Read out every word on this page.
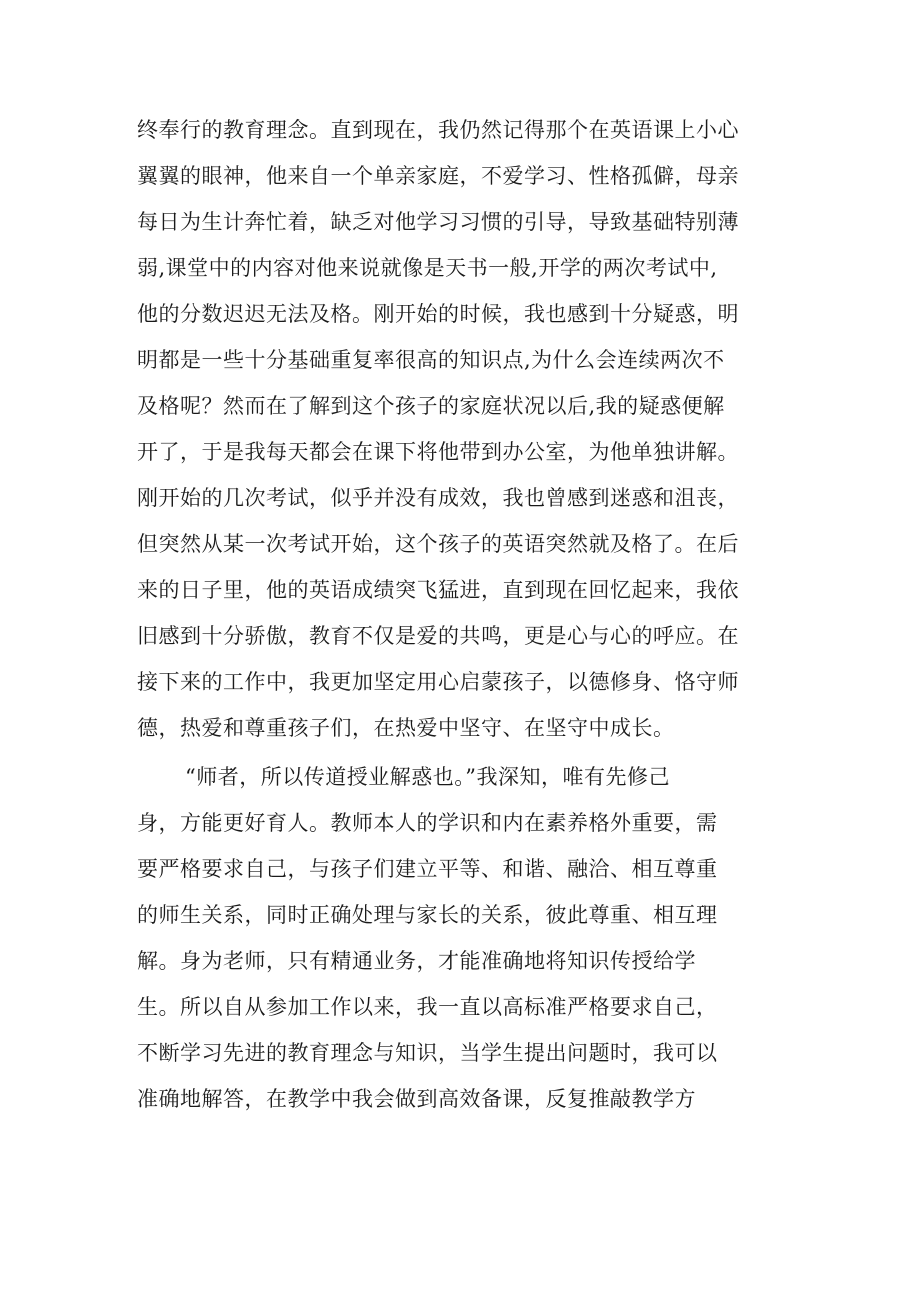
终奉行的教育理念。直到现在，我仍然记得那个在英语课上小心
翼翼的眼神，他来自一个单亲家庭，不爱学习、性格孤僻，母亲
每日为生计奔忙着，缺乏对他学习习惯的引导，导致基础特别薄
弱,课堂中的内容对他来说就像是天书一般,开学的两次考试中,
他的分数迟迟无法及格。刚开始的时候，我也感到十分疑惑，明
明都是一些十分基础重复率很高的知识点,为什么会连续两次不
及格呢？然而在了解到这个孩子的家庭状况以后,我的疑惑便解
开了，于是我每天都会在课下将他带到办公室，为他单独讲解。
刚开始的几次考试，似乎并没有成效，我也曾感到迷惑和沮丧，
但突然从某一次考试开始，这个孩子的英语突然就及格了。在后
来的日子里，他的英语成绩突飞猛进，直到现在回忆起来，我依
旧感到十分骄傲，教育不仅是爱的共鸣，更是心与心的呼应。在
接下来的工作中，我更加坚定用心启蒙孩子，以德修身、恪守师
德，热爱和尊重孩子们，在热爱中坚守、在坚守中成长。
“师者，所以传道授业解惑也。”我深知，唯有先修己
身，方能更好育人。教师本人的学识和内在素养格外重要，需
要严格要求自己，与孩子们建立平等、和谐、融洽、相互尊重
的师生关系，同时正确处理与家长的关系，彼此尊重、相互理
解。身为老师，只有精通业务，才能准确地将知识传授给学
生。所以自从参加工作以来，我一直以高标准严格要求自己，
不断学习先进的教育理念与知识，当学生提出问题时，我可以
准确地解答，在教学中我会做到高效备课，反复推敲教学方
